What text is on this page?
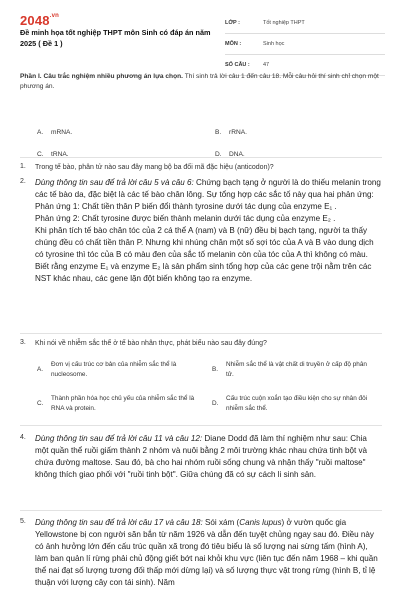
$2048^{.vn}$
Đề minh họa tốt nghiệp THPT môn Sinh có đáp án năm 2025 ( Đề 1 )
LỚP :	Tốt nghiệp THPT
MÔN :	Sinh học
SỐ CÂU :	47
Phần I. Câu trắc nghiệm nhiều phương án lựa chọn. Thí sinh trả lời câu 1 đến câu 18. Mỗi câu hỏi thí sinh chỉ chọn một phương án.
1. Trong tế bào, phân tử nào sau đây mang bộ ba đối mã đặc hiệu (anticodon)?
A. mRNA.	B. rRNA.
C. tRNA.	D. DNA.
2. Dùng thông tin sau để trả lời câu 5 và câu 6: Chứng bạch tạng ở người là do thiếu melanin trong các tế bào da, đặc biệt là các tế bào chân lông. Sự tổng hợp các sắc tố này qua hai phản ứng:
Phản ứng 1: Chất tiền thân P biến đổi thành tyrosine dưới tác dụng của enzyme E₁ .
Phản ứng 2: Chất tyrosine được biến thành melanin dưới tác dụng của enzyme E₂ .
Khi phân tích tế bào chân tóc của 2 cá thể A (nam) và B (nữ) đều bị bạch tạng, người ta thấy chúng đều có chất tiền thân P. Nhưng khi nhúng chân một số sợi tóc của A và B vào dung dịch có tyrosine thì tóc của B có màu đen của sắc tố melanin còn của tóc của A thì không có màu. Biết rằng enzyme E₁ và enzyme E₂ là sản phẩm sinh tổng hợp của các gene trội nằm trên các NST khác nhau, các gene lặn đột biến không tạo ra enzyme.
3. Khi nói về nhiễm sắc thể ở tế bào nhân thực, phát biểu nào sau đây đúng?
A.
Đơn vị cấu trúc cơ bản của nhiễm sắc thể là nucleosome.
B.
Nhiễm sắc thể là vật chất di truyền ở cấp độ phân tử.
C.
Thành phần hóa học chủ yếu của nhiễm sắc thể là RNA và protein.
D.
Cấu trúc cuộn xoắn tạo điều kiện cho sự nhân đôi nhiễm sắc thể.
4. Dùng thông tin sau để trả lời câu 11 và câu 12: Diane Dodd đã làm thí nghiệm như sau: Chia một quần thể ruồi giấm thành 2 nhóm và nuôi bằng 2 môi trường khác nhau chứa tinh bột và chứa đường maltose. Sau đó, bà cho hai nhóm ruồi sống chung và nhận thấy "ruồi maltose" không thích giao phối với "ruồi tinh bột". Giữa chúng đã có sự cách li sinh sản.
5. Dùng thông tin sau để trả lời câu 17 và câu 18: Sói xám (Canis lupus) ở vườn quốc gia Yellowstone bị con người săn bắn từ năm 1926 và dẫn đến tuyệt chủng ngay sau đó. Điều này có ảnh hưởng lớn đến cấu trúc quần xã trong đó tiêu biểu là số lượng nai sừng tấm (hình A), làm ban quản lí rừng phải chủ động giết bớt nai khỏi khu vực (liên tục đến năm 1968 – khi quần thể nai đạt số lượng tương đối thấp mới dừng lại) và số lượng thực vật trong rừng (hình B, tỉ lệ thuận với lượng cây con tái sinh). Năm
